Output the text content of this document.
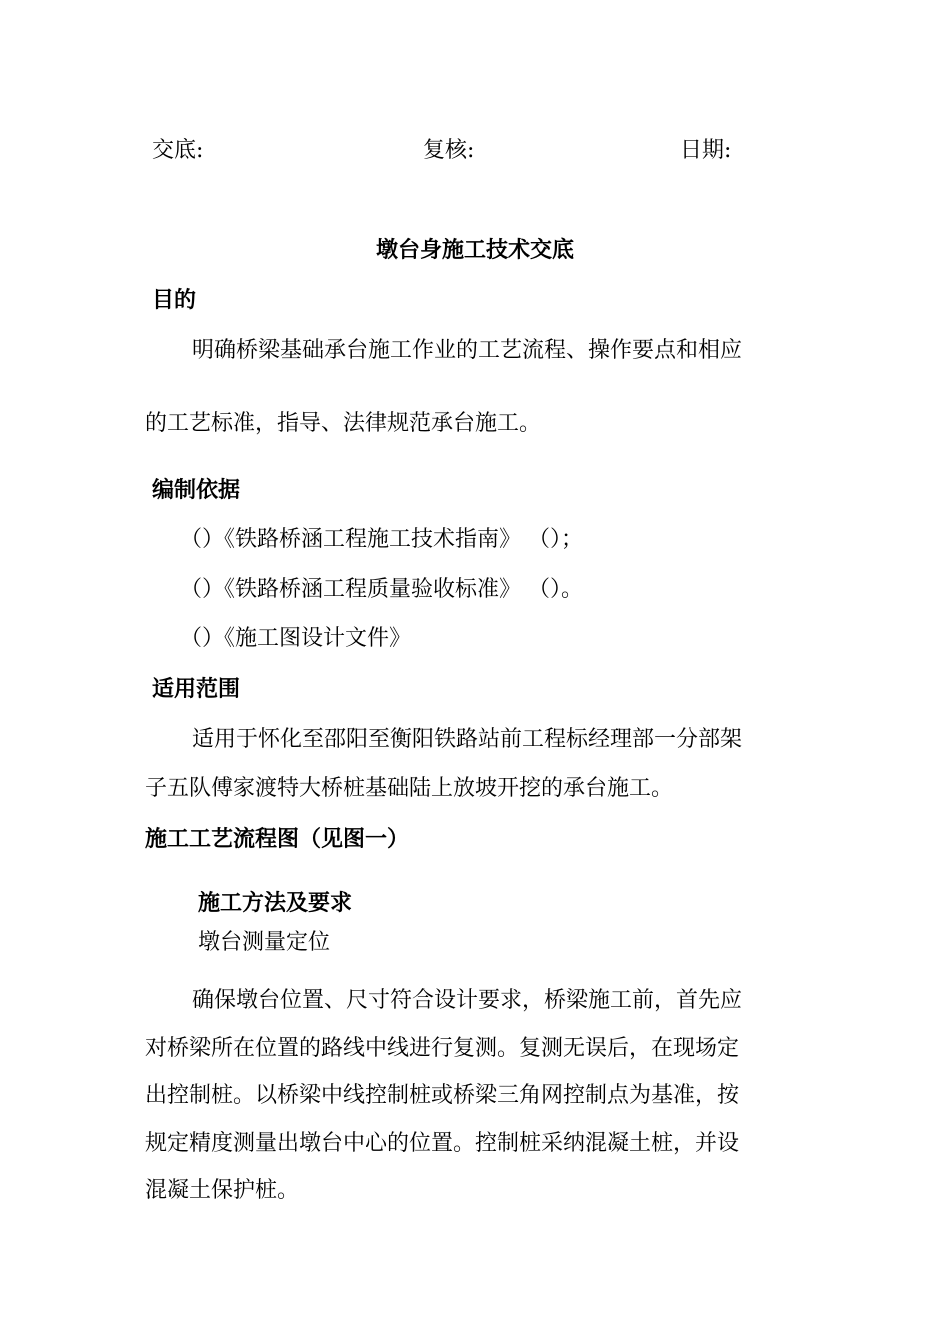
交底:	复核:	日期:
墩台身施工技术交底
目的
明确桥梁基础承台施工作业的工艺流程、操作要点和相应
的工艺标准，指导、法律规范承台施工。
编制依据
（）《铁路桥涵工程施工技术指南》 （）；
（）《铁路桥涵工程质量验收标准》 （）。
（）《施工图设计文件》
适用范围
适用于怀化至邵阳至衡阳铁路站前工程标经理部一分部架
子五队傅家渡特大桥桩基础陆上放坡开挖的承台施工。
施工工艺流程图（见图一）
施工方法及要求
墩台测量定位
确保墩台位置、尺寸符合设计要求，桥梁施工前，首先应
对桥梁所在位置的路线中线进行复测。复测无误后，在现场定
出控制桩。以桥梁中线控制桩或桥梁三角网控制点为基准，按
规定精度测量出墩台中心的位置。控制桩采纳混凝土桩，并设
混凝土保护桩。
